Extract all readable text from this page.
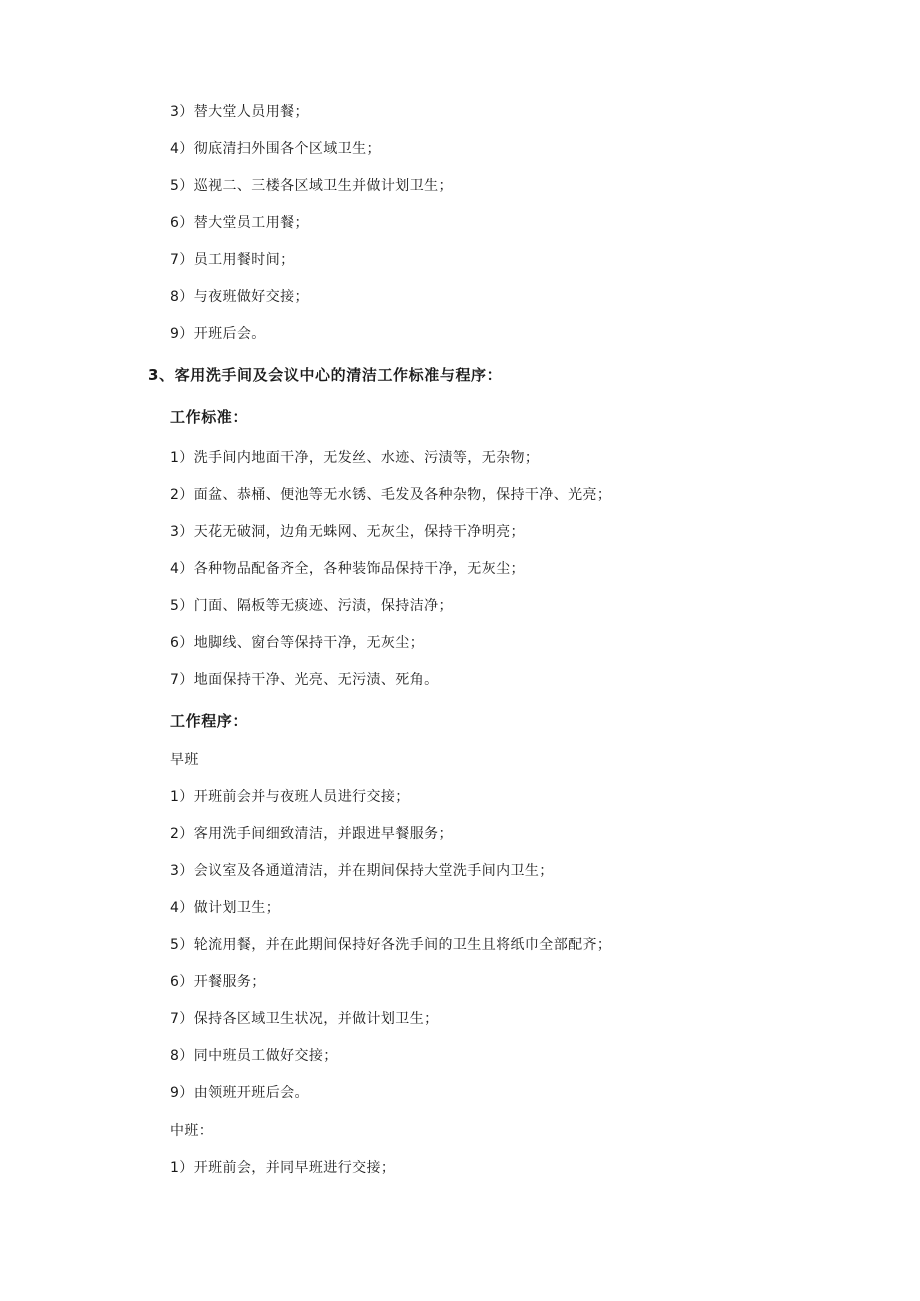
3）替大堂人员用餐；
4）彻底清扫外围各个区域卫生；
5）巡视二、三楼各区域卫生并做计划卫生；
6）替大堂员工用餐；
7）员工用餐时间；
8）与夜班做好交接；
9）开班后会。
3、客用洗手间及会议中心的清洁工作标准与程序：
工作标准：
1）洗手间内地面干净，无发丝、水迹、污渍等，无杂物；
2）面盆、恭桶、便池等无水锈、毛发及各种杂物，保持干净、光亮；
3）天花无破洞，边角无蛛网、无灰尘，保持干净明亮；
4）各种物品配备齐全，各种装饰品保持干净，无灰尘；
5）门面、隔板等无痰迹、污渍，保持洁净；
6）地脚线、窗台等保持干净，无灰尘；
7）地面保持干净、光亮、无污渍、死角。
工作程序：
早班
1）开班前会并与夜班人员进行交接；
2）客用洗手间细致清洁，并跟进早餐服务；
3）会议室及各通道清洁，并在期间保持大堂洗手间内卫生；
4）做计划卫生；
5）轮流用餐，并在此期间保持好各洗手间的卫生且将纸巾全部配齐；
6）开餐服务；
7）保持各区域卫生状况，并做计划卫生；
8）同中班员工做好交接；
9）由领班开班后会。
中班：
1）开班前会，并同早班进行交接；
